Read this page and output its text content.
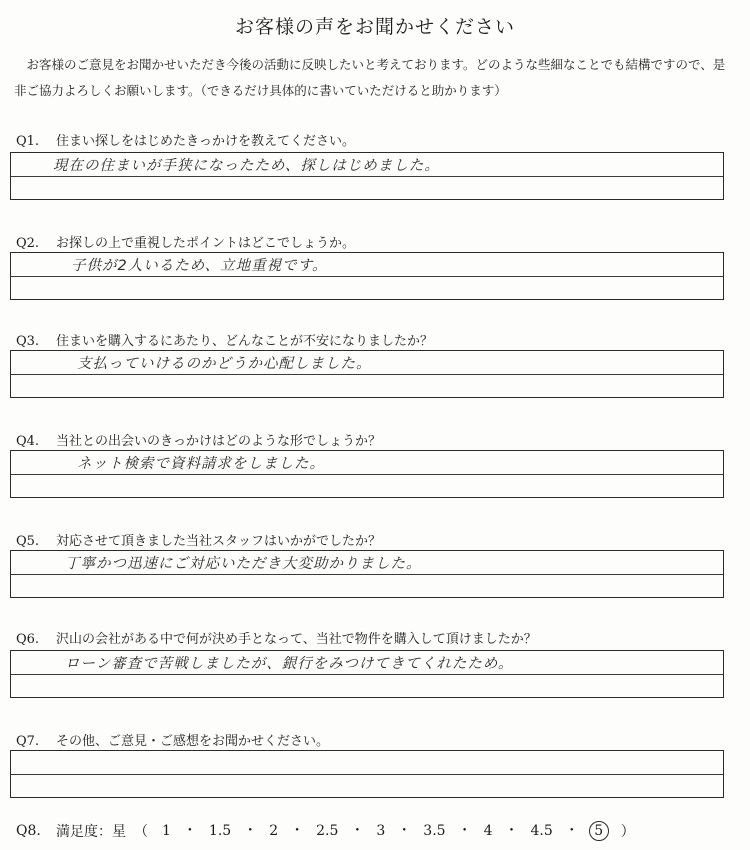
お客様の声をお聞かせください
お客様のご意見をお聞かせいただき今後の活動に反映したいと考えております。どのような些細なことでも結構ですので、是非ご協力よろしくお願いします。（できるだけ具体的に書いていただけると助かります）
Q1. 住まい探しをはじめたきっかけを教えてください。
現在の住まいが手狭になったため、探しはじめました。
Q2. お探しの上で重視したポイントはどこでしょうか。
子供が2人いるため、立地重視です。
Q3. 住まいを購入するにあたり、どんなことが不安になりましたか？
支払っていけるのかどうか心配しました。
Q4. 当社との出会いのきっかけはどのような形でしょうか？
ネット検索で資料請求をしました。
Q5. 対応させて頂きました当社スタッフはいかがでしたか？
丁寧かつ迅速にご対応いただき大変助かりました。
Q6. 沢山の会社がある中で何が決め手となって、当社で物件を購入して頂けましたか？
ローン審査で苦戦しましたが、銀行をみつけてきてくれたため。
Q7. その他、ご意見・ご感想をお聞かせください。
Q8.	満足度：星 （	1 ・ 1.5 ・ 2 ・ 2.5 ・ 3 ・ 3.5 ・ 4 ・ 4.5 ・ 5	）
